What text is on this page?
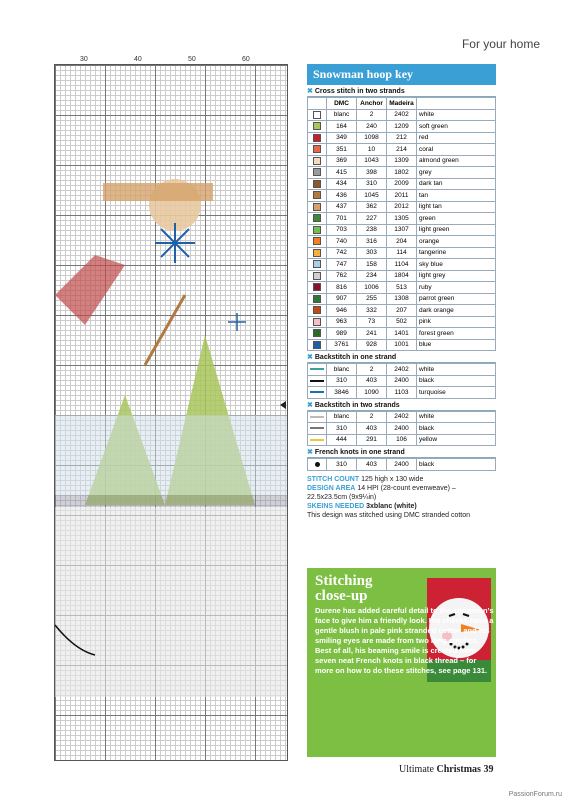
For your home
30	40	50	60
Snowman hoop key
✖ Cross stitch in two strands
	DMC	Anchor	Madeira	
	blanc	2	2402	white
	164	240	1209	soft green
	349	1098	212	red
	351	10	214	coral
	369	1043	1309	almond green
	415	398	1802	grey
	434	310	2009	dark tan
	436	1045	2011	tan
	437	362	2012	light tan
	701	227	1305	green
	703	238	1307	light green
	740	316	204	orange
	742	303	114	tangerine
	747	158	1104	sky blue
	762	234	1804	light grey
	816	1006	513	ruby
	907	255	1308	parrot green
	946	332	207	dark orange
	963	73	502	pink
	989	241	1401	forest green
	3761	928	1001	blue
✖ Backstitch in one strand
	blanc	2	2402	white
	310	403	2400	black
	3846	1090	1103	turquoise
✖ Backstitch in two strands
	blanc	2	2402	white
	310	403	2400	black
	444	291	106	yellow
✖ French knots in one strand
	310	403	2400	black
STITCH COUNT 125 high x 130 wide
DESIGN AREA 14 HPI (28-count evenweave) – 22.5x23.5cm (9x9¼in)
SKEINS NEEDED 3xblanc (white)
This design was stitched using DMC stranded cotton
Stitching
close-up
Durene has added careful detail to the snowman’s face to give him a friendly look. His cheeks have a gentle blush in pale pink stranded cotton and his smiling eyes are made from two long stitches. Best of all, his beaming smile is created from seven neat French knots in black thread – for more on how to do these stitches, see page 131.
Ultimate Christmas 39
PassionForum.ru
